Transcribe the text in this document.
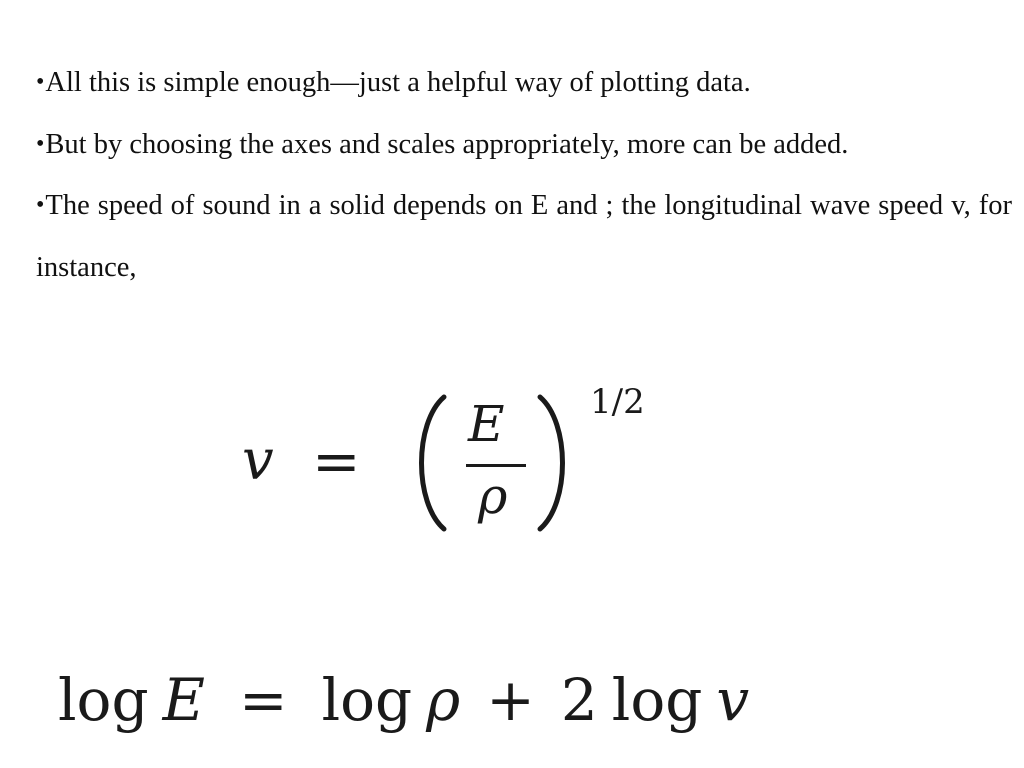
•All this is simple enough—just a helpful way of plotting data.

•But by choosing the axes and scales appropriately, more can be added.

•The speed of sound in a solid depends on E and ; the longitudinal wave speed v, for instance,

v =
E
ρ
1/2
log E = log ρ + 2 log v
